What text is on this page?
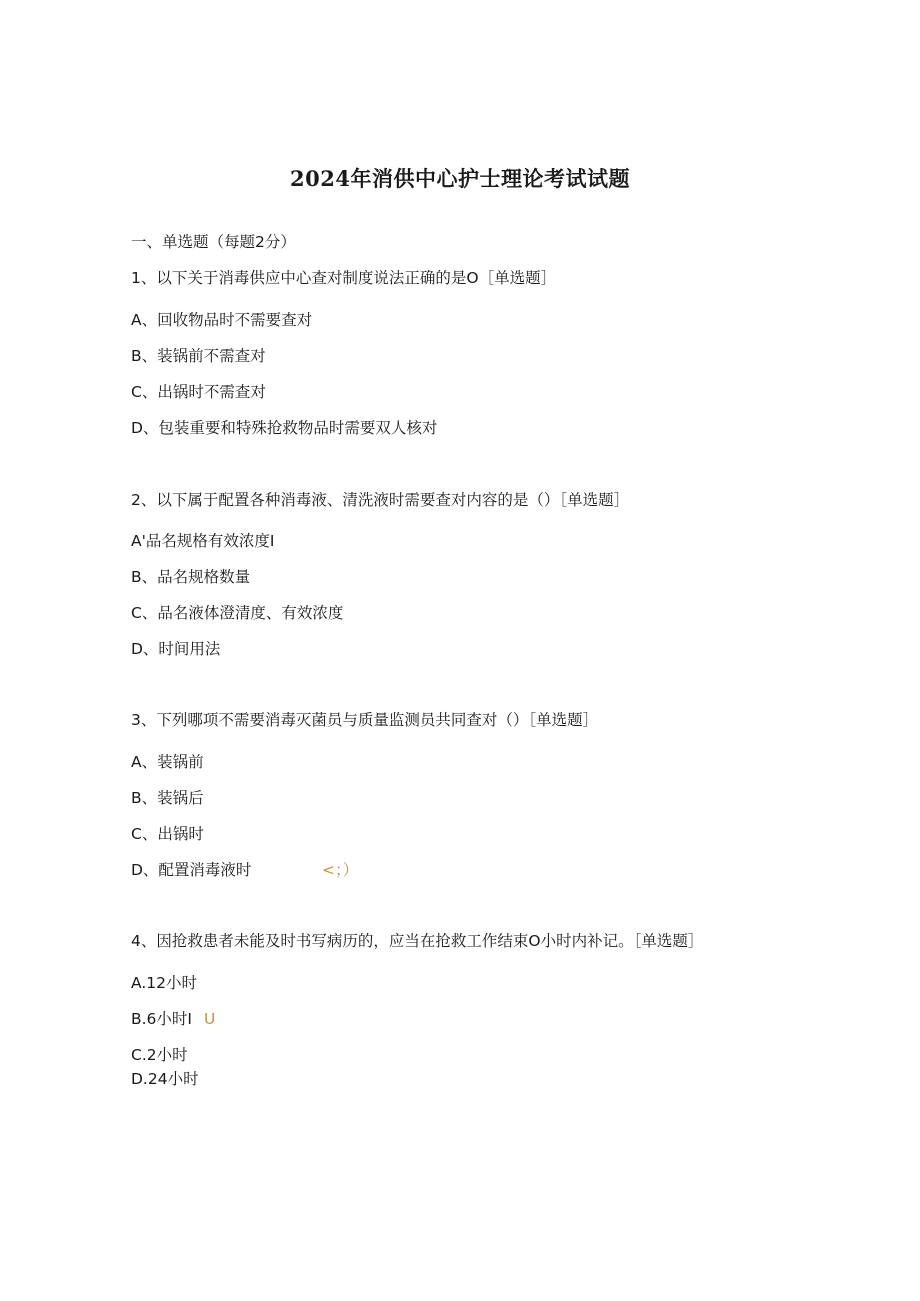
2024年消供中心护士理论考试试题
一、单选题（每题2分）
1、以下关于消毒供应中心查对制度说法正确的是O［单选题］
A、回收物品时不需要查对
B、装锅前不需查对
C、出锅时不需查对
D、包装重要和特殊抢救物品时需要双人核对
2、以下属于配置各种消毒液、清洗液时需要查对内容的是（）［单选题］
A'品名规格有效浓度I
B、品名规格数量
C、品名液体澄清度、有效浓度
D、时间用法
3、下列哪项不需要消毒灭菌员与质量监测员共同查对（）［单选题］
A、装锅前
B、装锅后
C、出锅时
D、配置消毒液时	<；）
4、因抢救患者未能及时书写病历的，应当在抢救工作结束O小时内补记。［单选题］
A.12小时
B.6小时I U
C.2小时
D.24小时
